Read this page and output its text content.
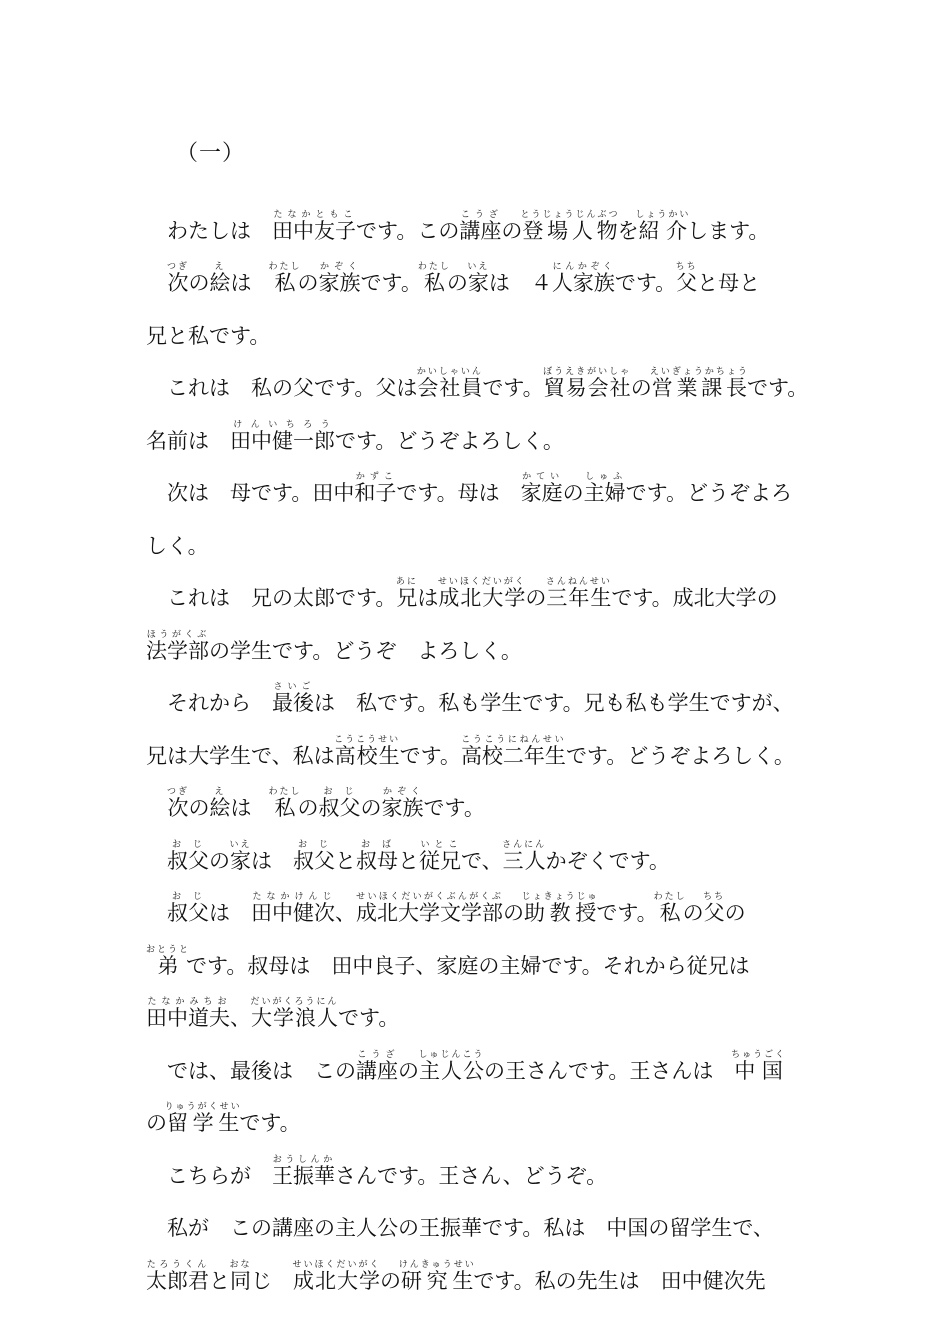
（一）
わたしは　田中友子たなかともこです。この講座こうざの登場人物とうじょうじんぶつを紹介しょうかいします。
次つぎの絵えは　私わたしの家族かぞくです。私わたしの家いえは　４人家族にんかぞくです。父ちちと母と
兄と私です。
これは　私の父です。父は会社員かいしゃいんです。貿易会社ぼうえきがいしゃの営業課長えいぎょうかちょうです。
名前は　田中健一郎けんいちろうです。どうぞよろしく。
次は　母です。田中和子かずこです。母は　家庭かていの主婦しゅふです。どうぞよろ
しく。
これは　兄の太郎です。兄あには成北大学せいほくだいがくの三年生さんねんせいです。成北大学の
法学部ほうがくぶの学生です。どうぞ　よろしく。
それから　最後さいごは　私です。私も学生です。兄も私も学生ですが、
兄は大学生で、私は高校生こうこうせいです。高校二年生こうこうにねんせいです。どうぞよろしく。
次つぎの絵えは　私わたしの叔父おじの家族かぞくです。
叔父おじの家いえは　叔父おじと叔母おばと従兄いとこで、三人さんにんかぞくです。
叔父おじは　田中健次たなかけんじ、成北大学文学部せいほくだいがくぶんがくぶの助教授じょきょうじゅです。私わたしの父ちちの
弟おとうとです。叔母は　田中良子、家庭の主婦です。それから従兄は
田中道夫たなかみちお、大学浪人だいがくろうにんです。
では、最後は　この講座こうざの主人公しゅじんこうの王さんです。王さんは　中国ちゅうごく
の留学生りゅうがくせいです。
こちらが　王振華おうしんかさんです。王さん、どうぞ。
私が　この講座の主人公の王振華です。私は　中国の留学生で、
太郎君たろうくんと同おなじ　成北大学せいほくだいがくの研究生けんきゅうせいです。私の先生は　田中健次先
